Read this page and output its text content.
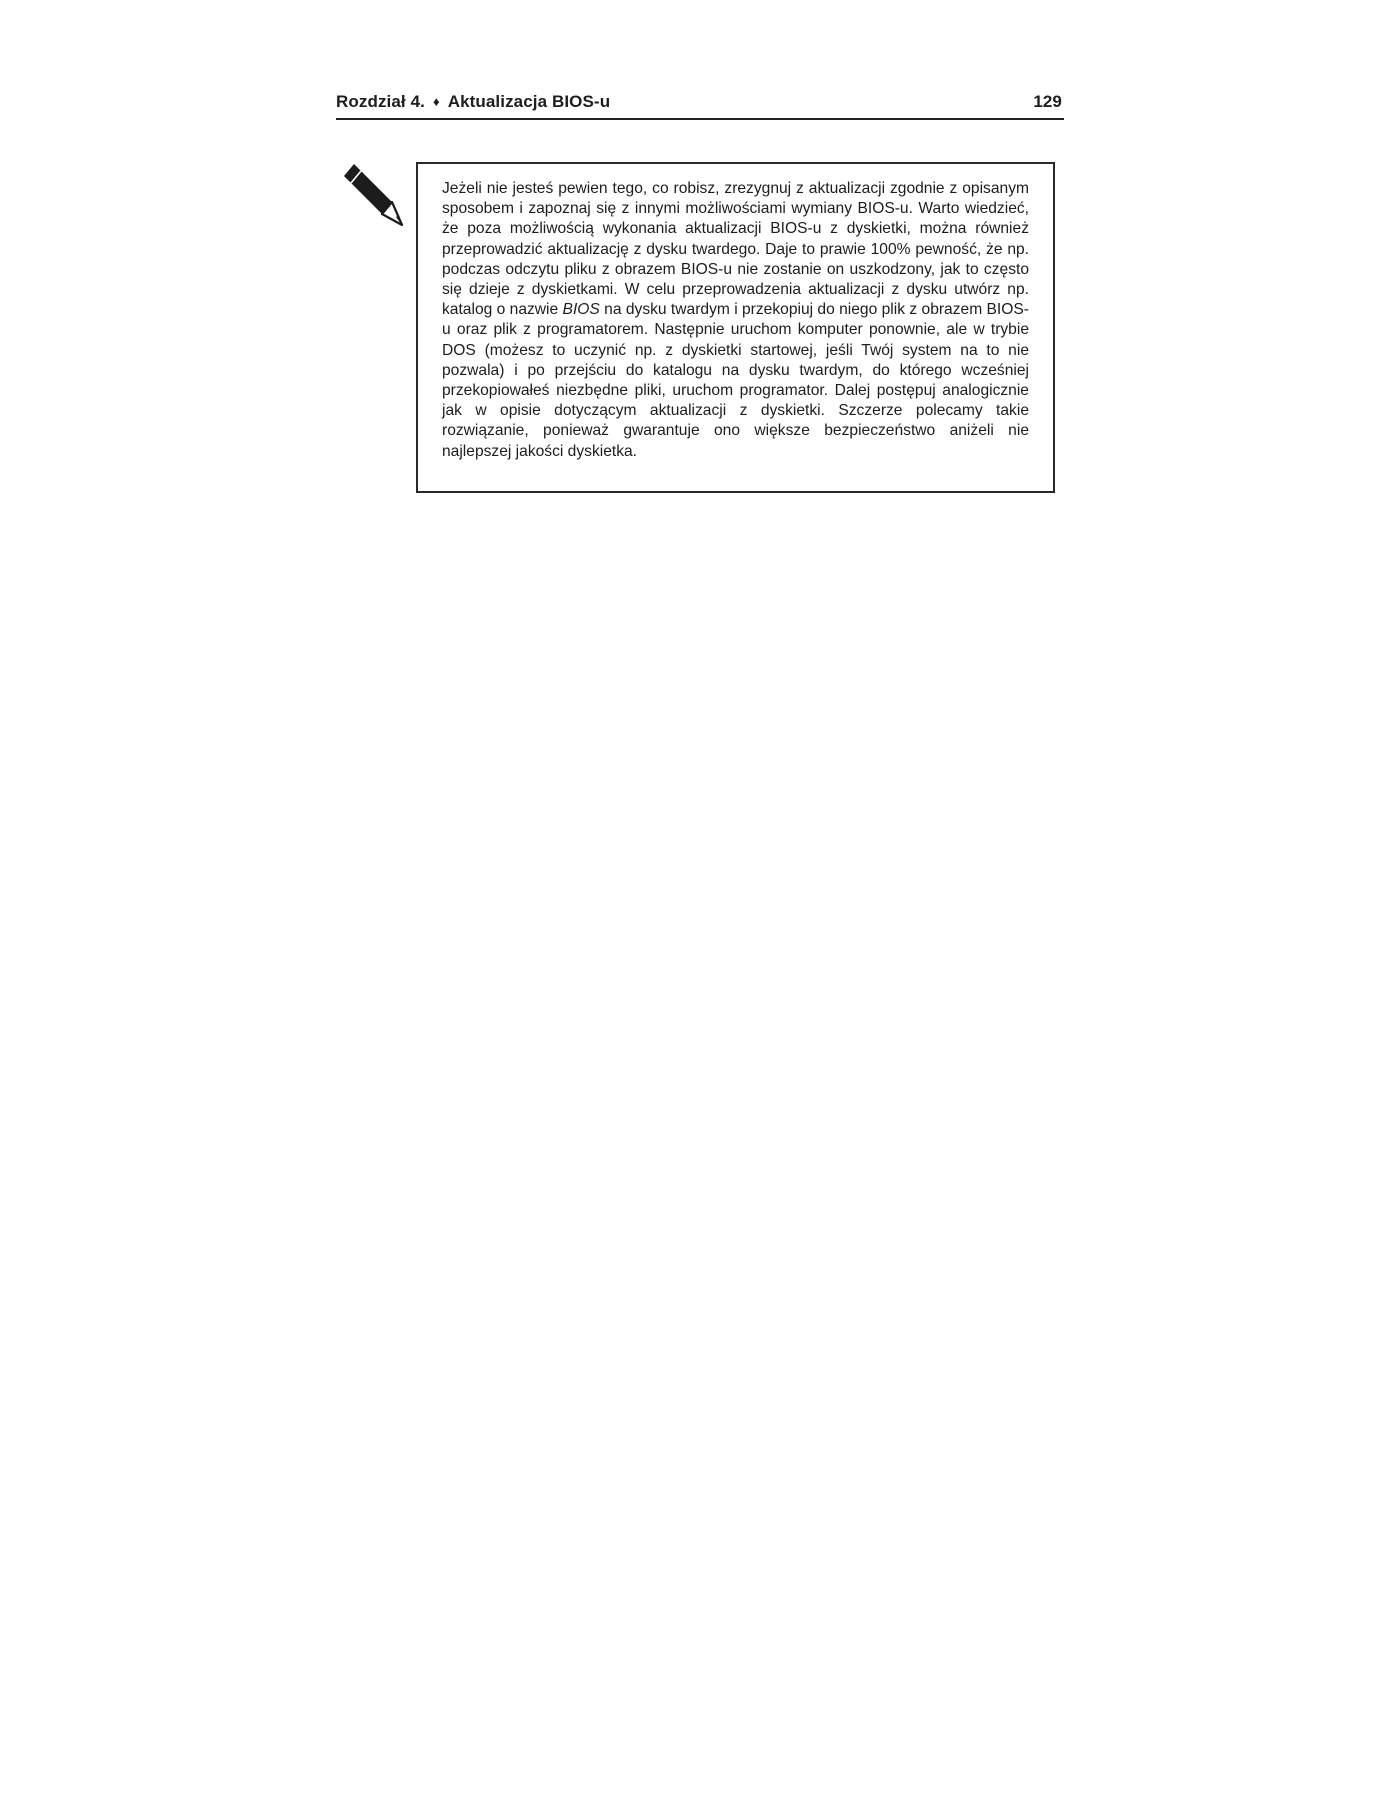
Rozdział 4. ♦ Aktualizacja BIOS-u	129

Jeżeli nie jesteś pewien tego, co robisz, zrezygnuj z aktualizacji zgodnie z opisanym sposobem i zapoznaj się z innymi możliwościami wymiany BIOS-u. Warto wiedzieć, że poza możliwością wykonania aktualizacji BIOS-u z dyskietki, można również przeprowadzić aktualizację z dysku twardego. Daje to prawie 100% pewność, że np. podczas odczytu pliku z obrazem BIOS-u nie zostanie on uszkodzony, jak to często się dzieje z dyskietkami. W celu przeprowadzenia aktualizacji z dysku utwórz np. katalog o nazwie BIOS na dysku twardym i przekopiuj do niego plik z obrazem BIOS-u oraz plik z programatorem. Następnie uruchom komputer ponownie, ale w trybie DOS (możesz to uczynić np. z dyskietki startowej, jeśli Twój system na to nie pozwala) i po przejściu do katalogu na dysku twardym, do którego wcześniej przekopiowałeś niezbędne pliki, uruchom programator. Dalej postępuj analogicznie jak w opisie dotyczącym aktualizacji z dyskietki. Szczerze polecamy takie rozwiązanie, ponieważ gwarantuje ono większe bezpieczeństwo aniżeli nie najlepszej jakości dyskietka.
